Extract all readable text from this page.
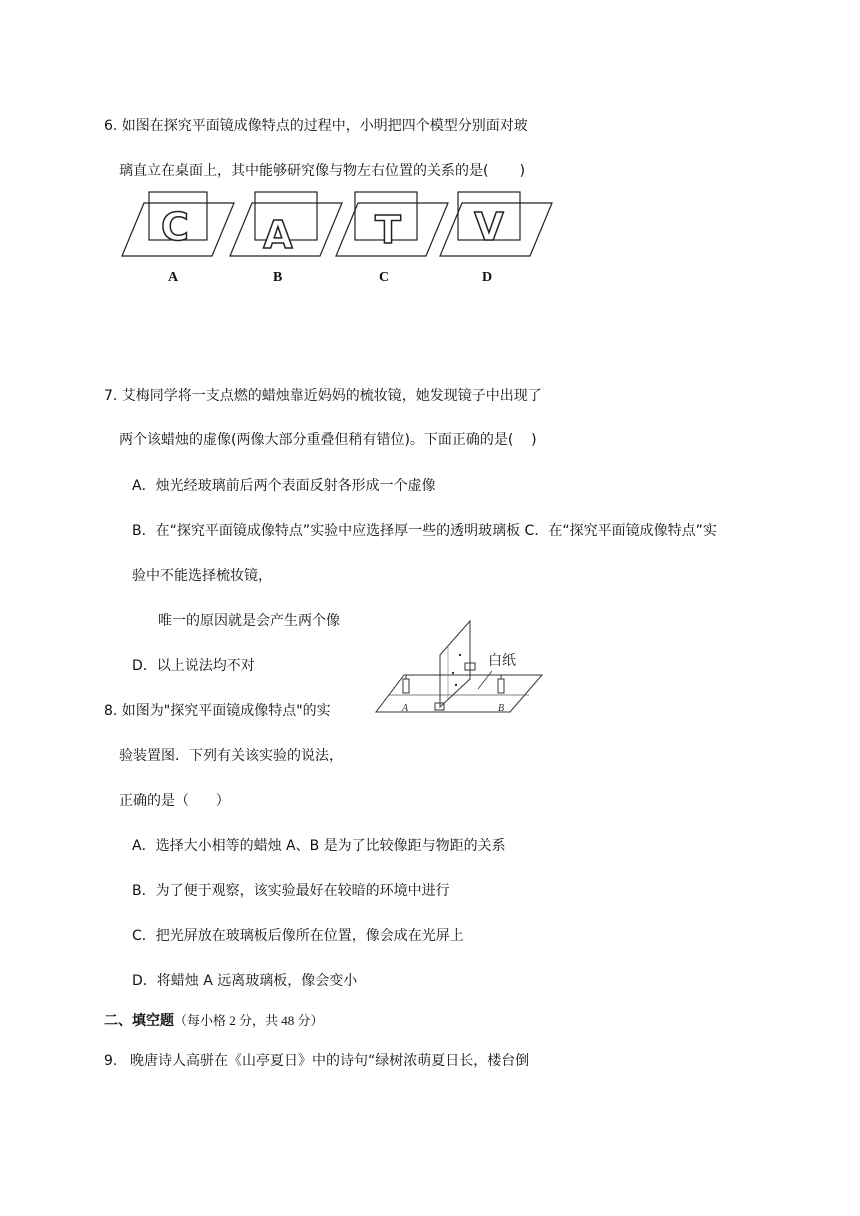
6. 如图在探究平面镜成像特点的过程中，小明把四个模型分别面对玻
璃直立在桌面上，其中能够研究像与物左右位置的关系的是(       )
C
A
A
B
T
C
V
D
7. 艾梅同学将一支点燃的蜡烛靠近妈妈的梳妆镜，她发现镜子中出现了
两个该蜡烛的虚像(两像大部分重叠但稍有错位)。下面正确的是(    )
A．烛光经玻璃前后两个表面反射各形成一个虚像
B．在“探究平面镜成像特点”实验中应选择厚一些的透明玻璃板 C．在“探究平面镜成像特点”实
验中不能选择梳妆镜，
唯一的原因就是会产生两个像
D．以上说法均不对	白纸
A	B
8. 如图为"探究平面镜成像特点"的实
验装置图．下列有关该实验的说法，
正确的是（      ）
A．选择大小相等的蜡烛 A、B 是为了比较像距与物距的关系
B．为了便于观察，该实验最好在较暗的环境中进行
C．把光屏放在玻璃板后像所在位置，像会成在光屏上
D．将蜡烛 A 远离玻璃板，像会变小
二、填空题（每小格 2 分，共 48 分）
9. 晚唐诗人高骈在《山亭夏日》中的诗句“绿树浓萌夏日长，楼台倒
